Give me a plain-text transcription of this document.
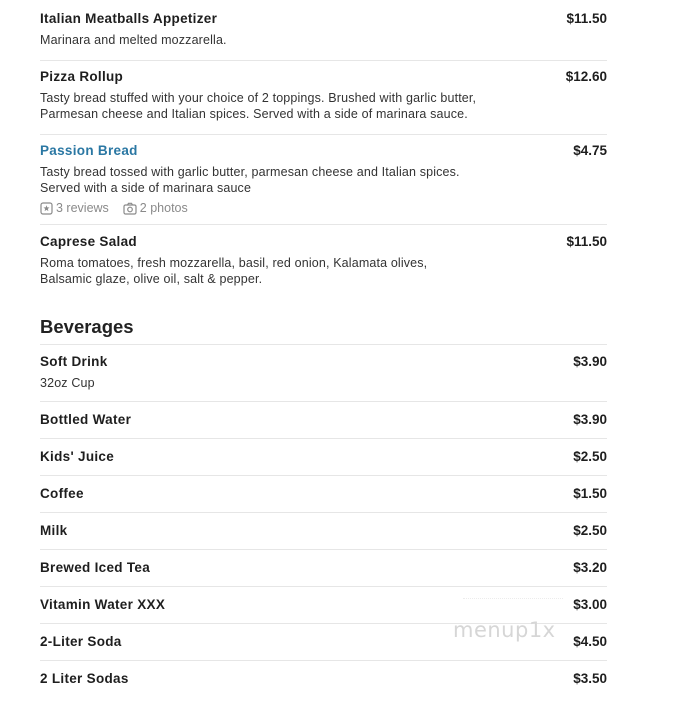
Italian Meatballs Appetizer	$11.50
Marinara and melted mozzarella.
Pizza Rollup	$12.60
Tasty bread stuffed with your choice of 2 toppings. Brushed with garlic butter,
Parmesan cheese and Italian spices. Served with a side of marinara sauce.
Passion Bread	$4.75
Tasty bread tossed with garlic butter, parmesan cheese and Italian spices.
Served with a side of marinara sauce
3 reviews 2 photos
Caprese Salad	$11.50
Roma tomatoes, fresh mozzarella, basil, red onion, Kalamata olives,
Balsamic glaze, olive oil, salt & pepper.
Beverages
Soft Drink	$3.90
32oz Cup
Bottled Water	$3.90
Kids' Juice	$2.50
Coffee	$1.50
Milk	$2.50
Brewed Iced Tea	$3.20
Vitamin Water XXX	$3.00
2-Liter Soda	$4.50
2 Liter Sodas	$3.50
menup1x
